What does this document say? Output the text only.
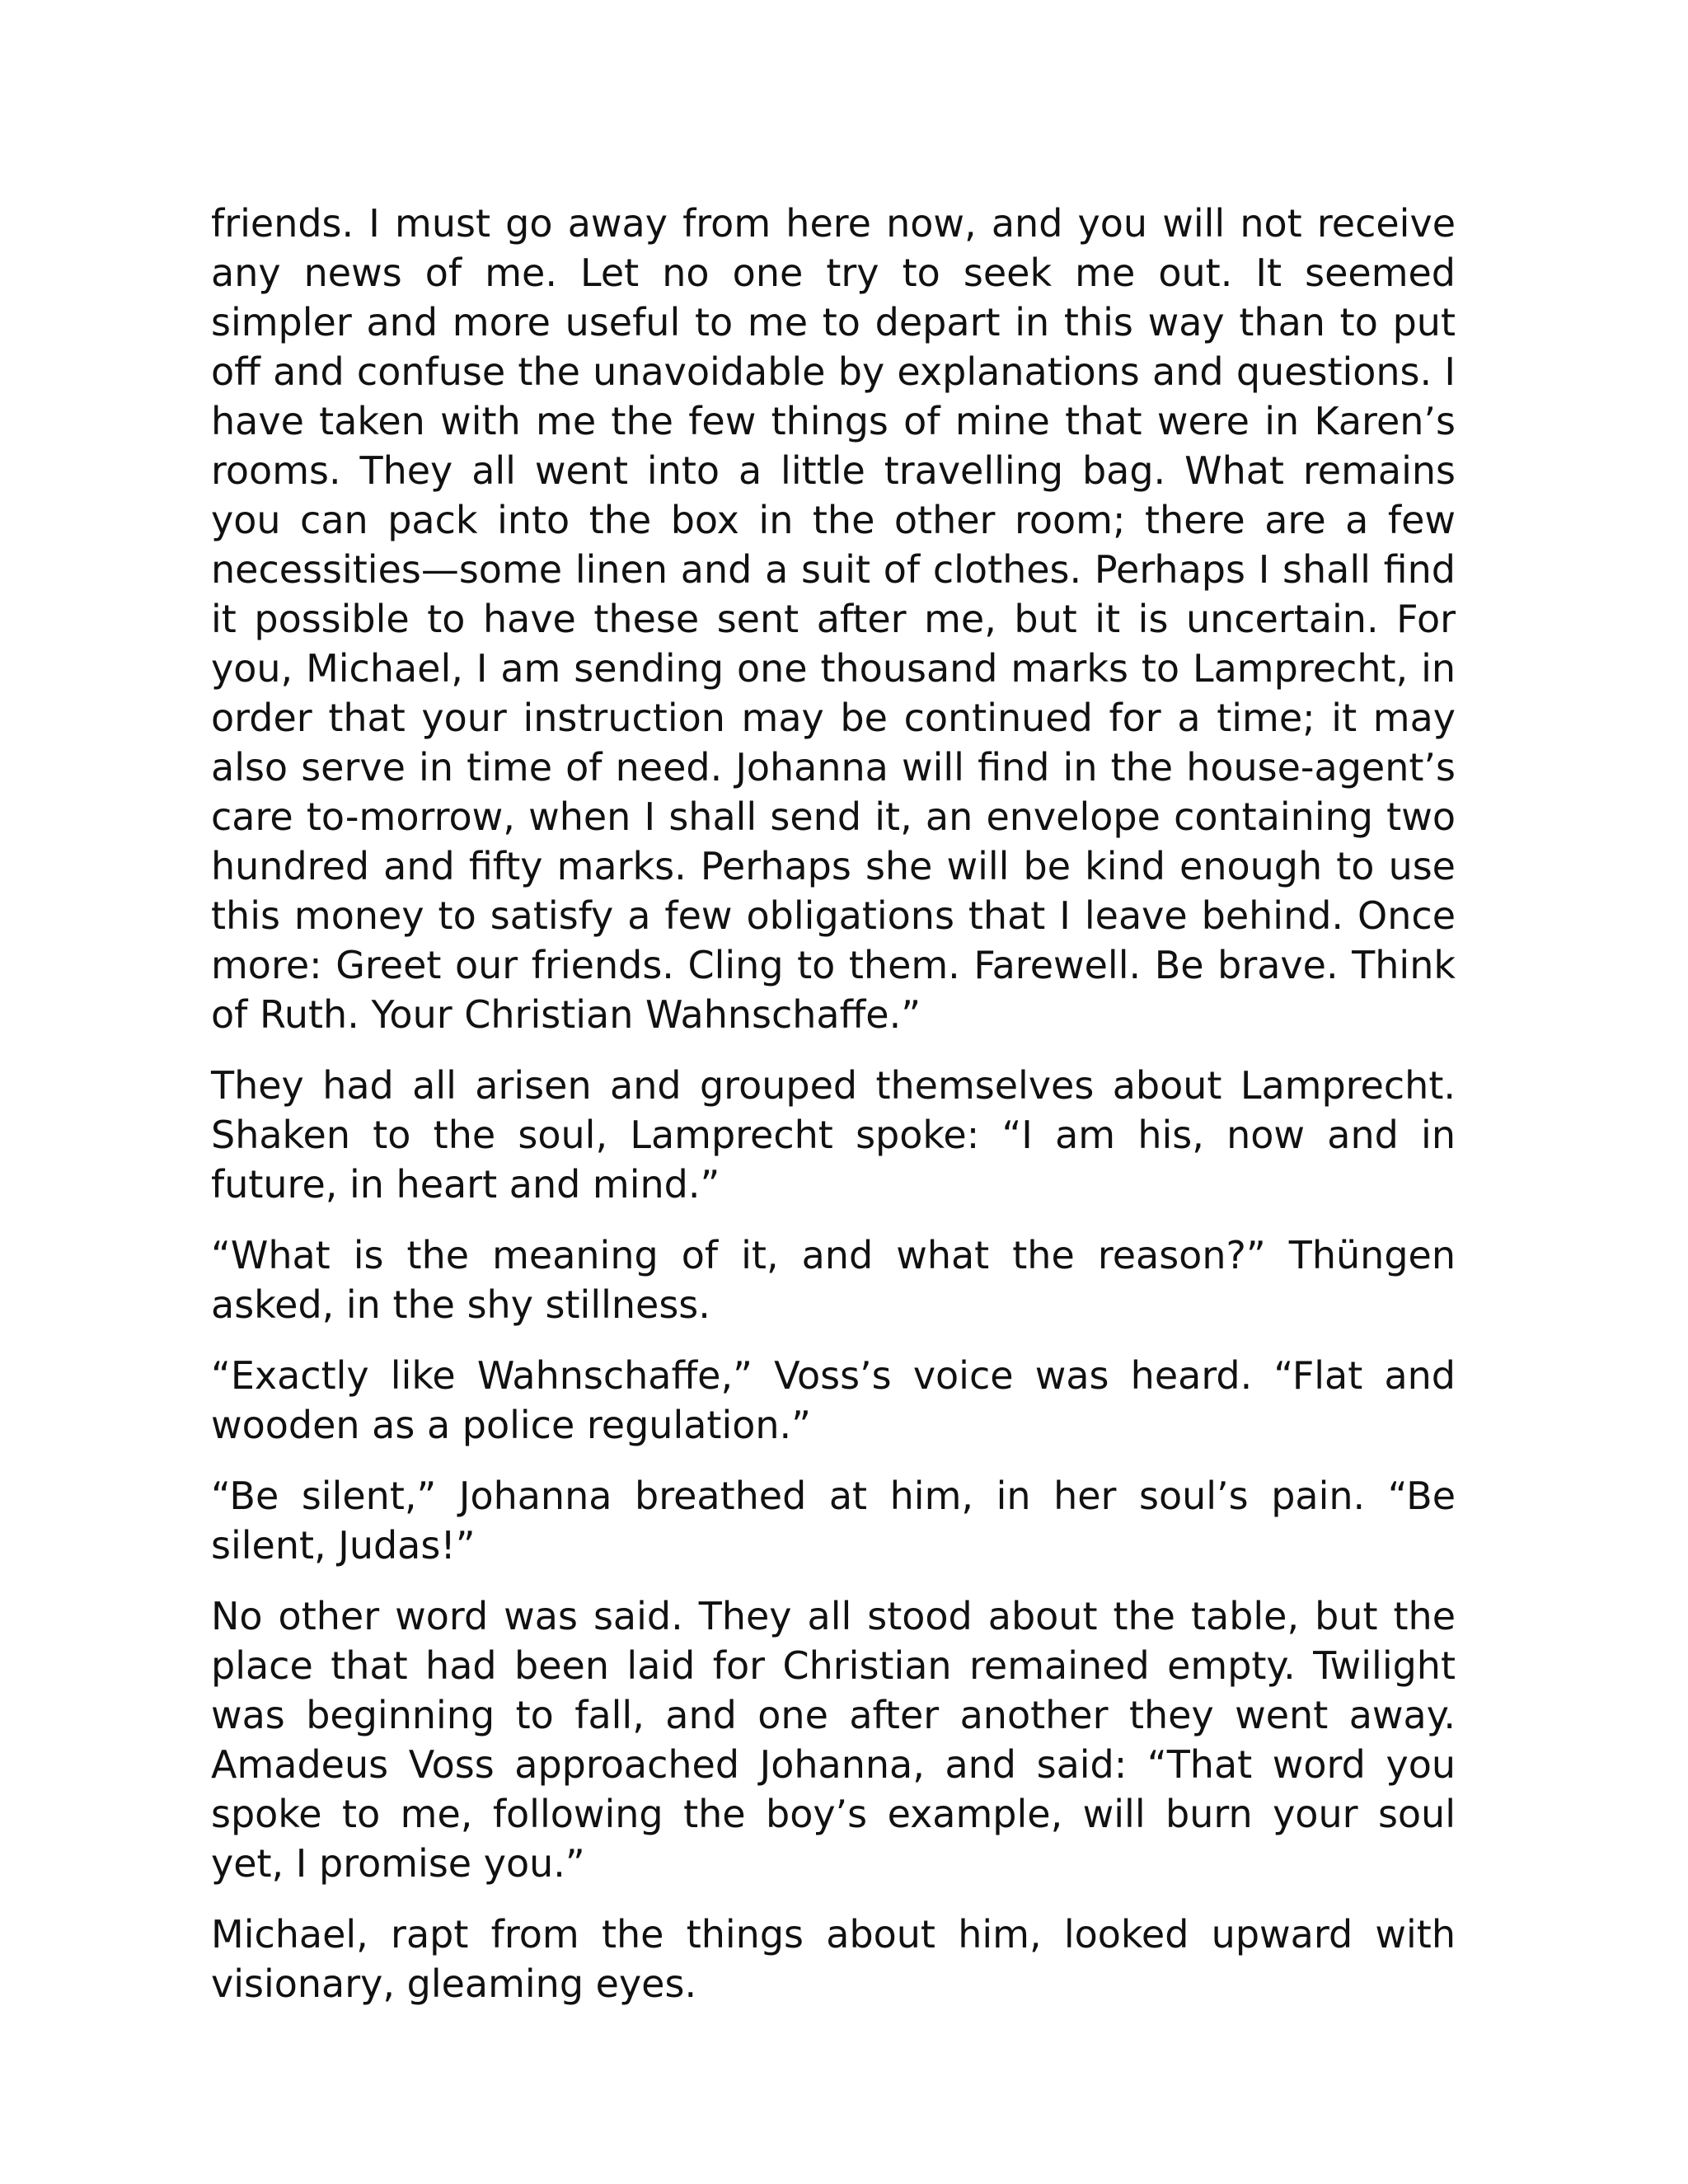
friends. I must go away from here now, and you will not receive any news of me. Let no one try to seek me out. It seemed simpler and more useful to me to depart in this way than to put off and confuse the unavoidable by explanations and questions. I have taken with me the few things of mine that were in Karen’s rooms. They all went into a little travelling bag. What remains you can pack into the box in the other room; there are a few necessities—some linen and a suit of clothes. Perhaps I shall find it possible to have these sent after me, but it is uncertain. For you, Michael, I am sending one thousand marks to Lamprecht, in order that your instruction may be continued for a time; it may also serve in time of need. Johanna will find in the house-agent’s care to-morrow, when I shall send it, an envelope containing two hundred and fifty marks. Perhaps she will be kind enough to use this money to satisfy a few obligations that I leave behind. Once more: Greet our friends. Cling to them. Farewell. Be brave. Think of Ruth. Your Christian Wahnschaffe.”

They had all arisen and grouped themselves about Lamprecht. Shaken to the soul, Lamprecht spoke: “I am his, now and in future, in heart and mind.”

“What is the meaning of it, and what the reason?” Thüngen asked, in the shy stillness.

“Exactly like Wahnschaffe,” Voss’s voice was heard. “Flat and wooden as a police regulation.”

“Be silent,” Johanna breathed at him, in her soul’s pain. “Be silent, Judas!”

No other word was said. They all stood about the table, but the place that had been laid for Christian remained empty. Twilight was beginning to fall, and one after another they went away. Amadeus Voss approached Johanna, and said: “That word you spoke to me, following the boy’s example, will burn your soul yet, I promise you.”

Michael, rapt from the things about him, looked upward with visionary, gleaming eyes.
